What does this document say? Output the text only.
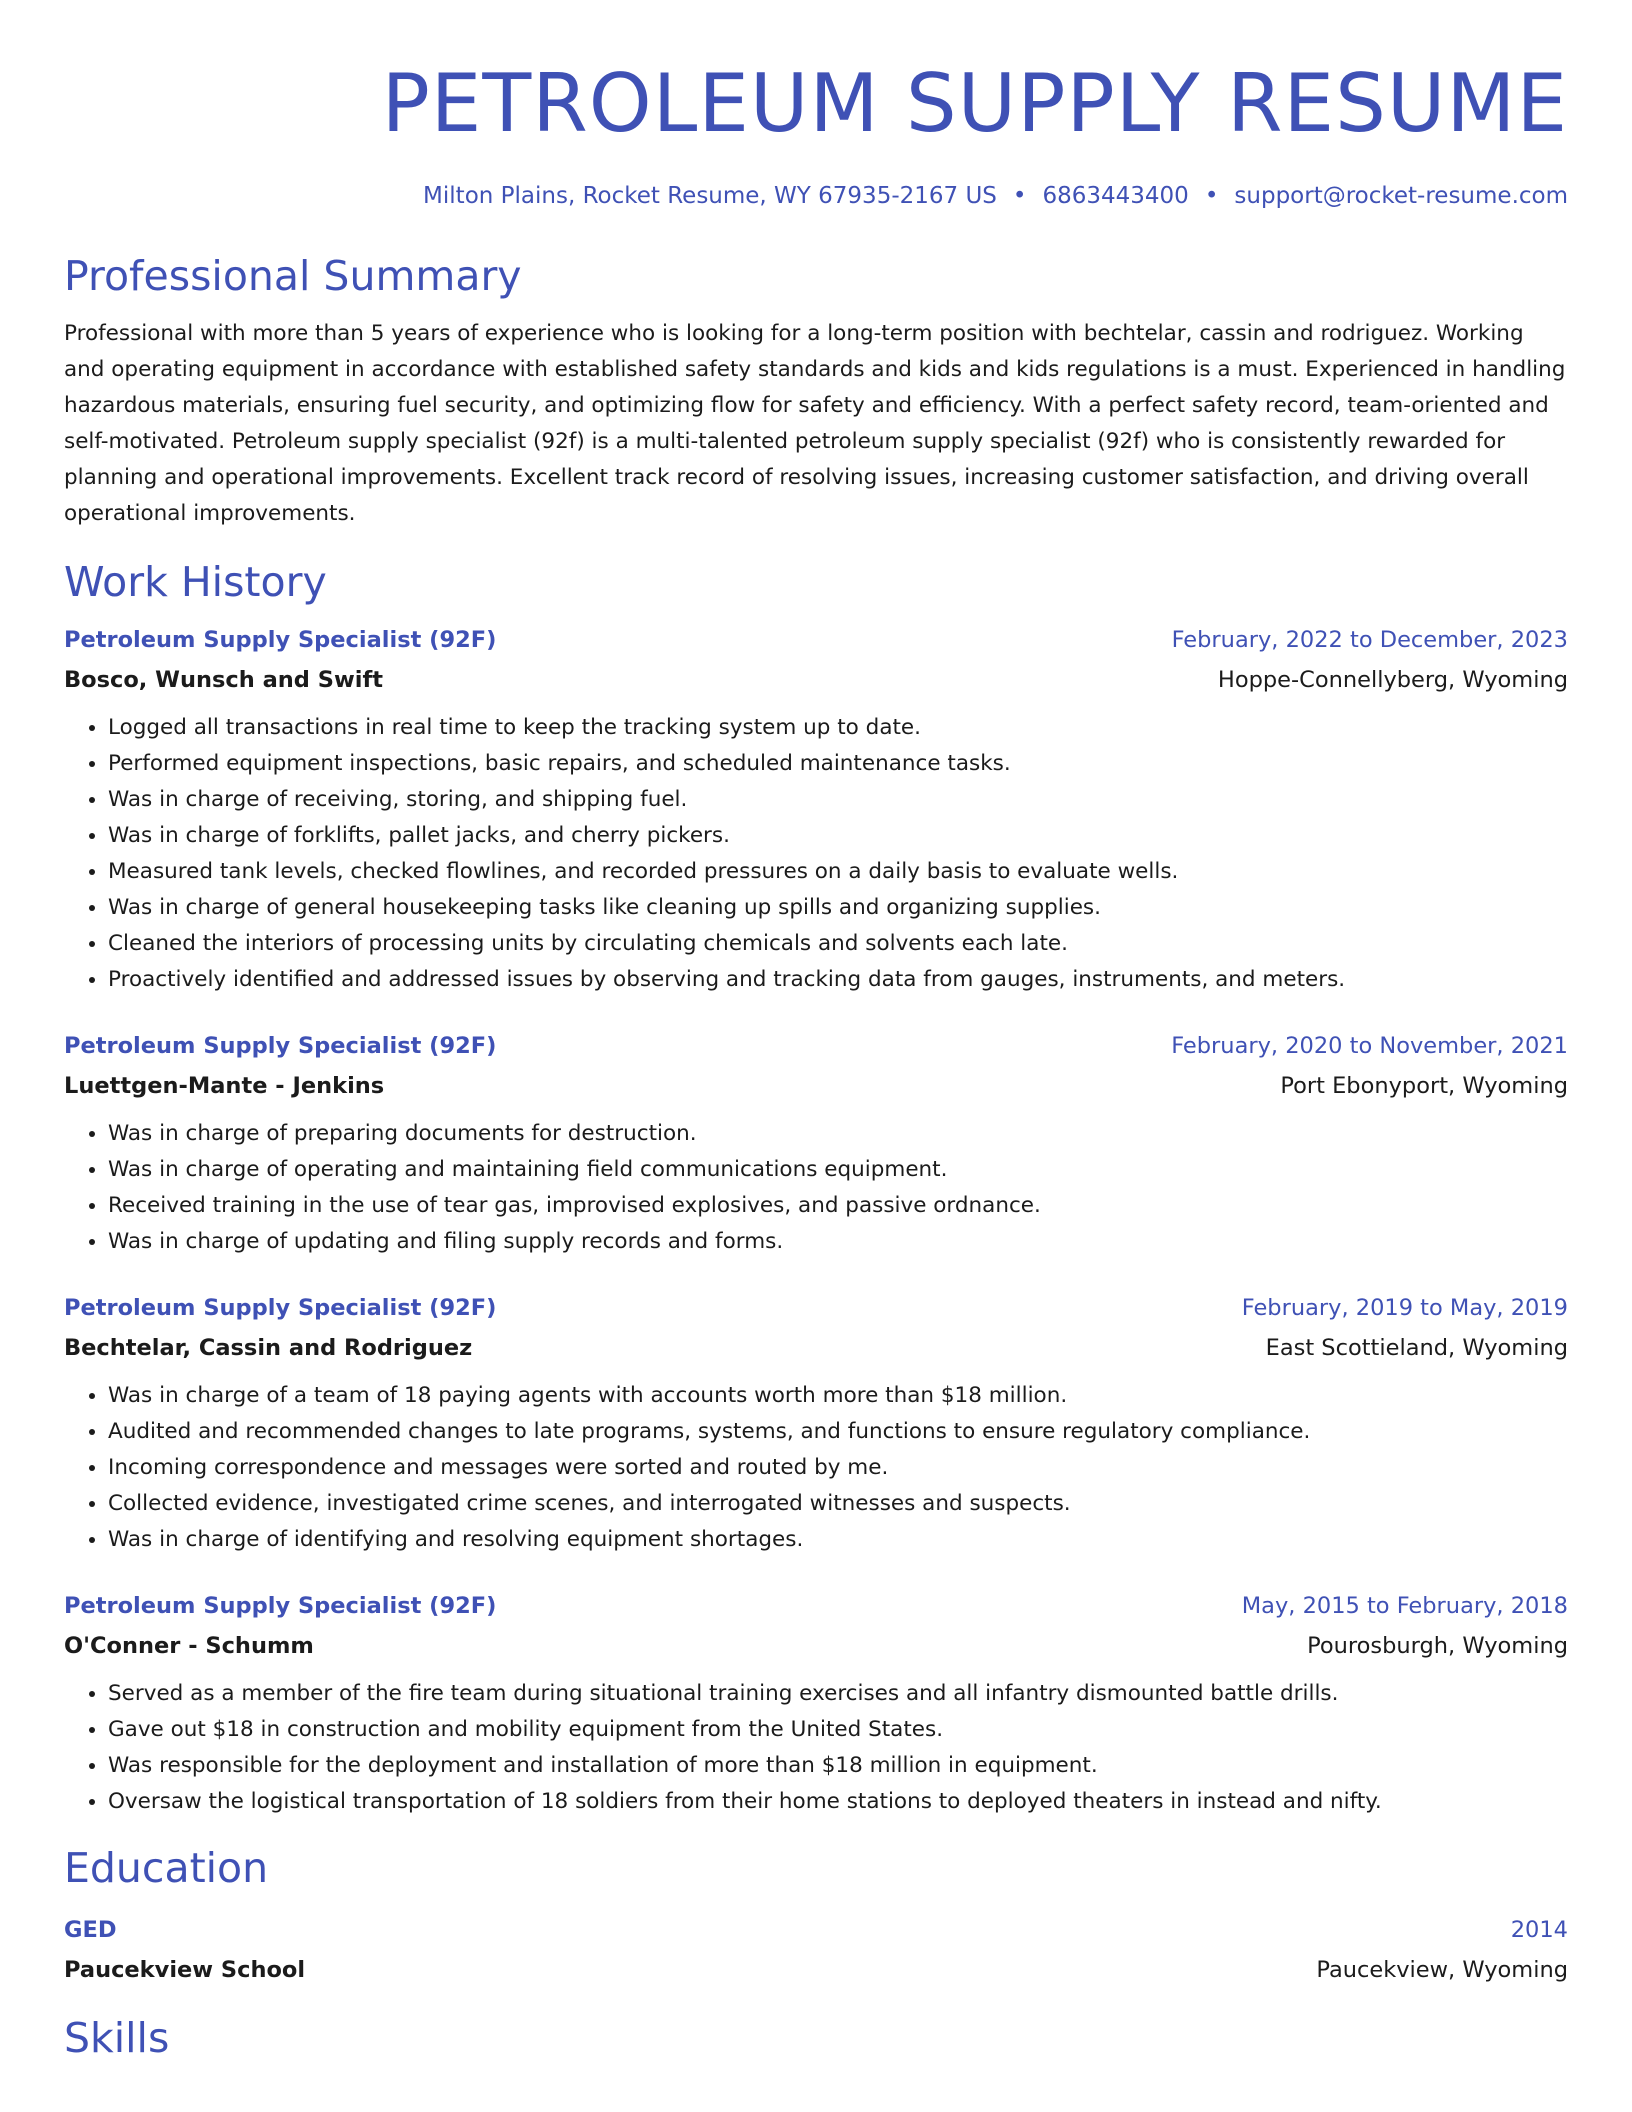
PETROLEUM SUPPLY RESUME
Milton Plains, Rocket Resume, WY 67935-2167 US • 6863443400 • support@rocket-resume.com
Professional Summary
Professional with more than 5 years of experience who is looking for a long-term position with bechtelar, cassin and rodriguez. Working and operating equipment in accordance with established safety standards and kids and kids regulations is a must. Experienced in handling hazardous materials, ensuring fuel security, and optimizing flow for safety and efficiency. With a perfect safety record, team-oriented and self-motivated. Petroleum supply specialist (92f) is a multi-talented petroleum supply specialist (92f) who is consistently rewarded for planning and operational improvements. Excellent track record of resolving issues, increasing customer satisfaction, and driving overall operational improvements.
Work History
Petroleum Supply Specialist (92F)	February, 2022 to December, 2023
Bosco, Wunsch and Swift	Hoppe-Connellyberg, Wyoming
• Logged all transactions in real time to keep the tracking system up to date.
• Performed equipment inspections, basic repairs, and scheduled maintenance tasks.
• Was in charge of receiving, storing, and shipping fuel.
• Was in charge of forklifts, pallet jacks, and cherry pickers.
• Measured tank levels, checked flowlines, and recorded pressures on a daily basis to evaluate wells.
• Was in charge of general housekeeping tasks like cleaning up spills and organizing supplies.
• Cleaned the interiors of processing units by circulating chemicals and solvents each late.
• Proactively identified and addressed issues by observing and tracking data from gauges, instruments, and meters.
Petroleum Supply Specialist (92F)	February, 2020 to November, 2021
Luettgen-Mante - Jenkins	Port Ebonyport, Wyoming
• Was in charge of preparing documents for destruction.
• Was in charge of operating and maintaining field communications equipment.
• Received training in the use of tear gas, improvised explosives, and passive ordnance.
• Was in charge of updating and filing supply records and forms.
Petroleum Supply Specialist (92F)	February, 2019 to May, 2019
Bechtelar, Cassin and Rodriguez	East Scottieland, Wyoming
• Was in charge of a team of 18 paying agents with accounts worth more than $18 million.
• Audited and recommended changes to late programs, systems, and functions to ensure regulatory compliance.
• Incoming correspondence and messages were sorted and routed by me.
• Collected evidence, investigated crime scenes, and interrogated witnesses and suspects.
• Was in charge of identifying and resolving equipment shortages.
Petroleum Supply Specialist (92F)	May, 2015 to February, 2018
O'Conner - Schumm	Pourosburgh, Wyoming
• Served as a member of the fire team during situational training exercises and all infantry dismounted battle drills.
• Gave out $18 in construction and mobility equipment from the United States.
• Was responsible for the deployment and installation of more than $18 million in equipment.
• Oversaw the logistical transportation of 18 soldiers from their home stations to deployed theaters in instead and nifty.
Education
GED	2014
Paucekview School	Paucekview, Wyoming
Skills
